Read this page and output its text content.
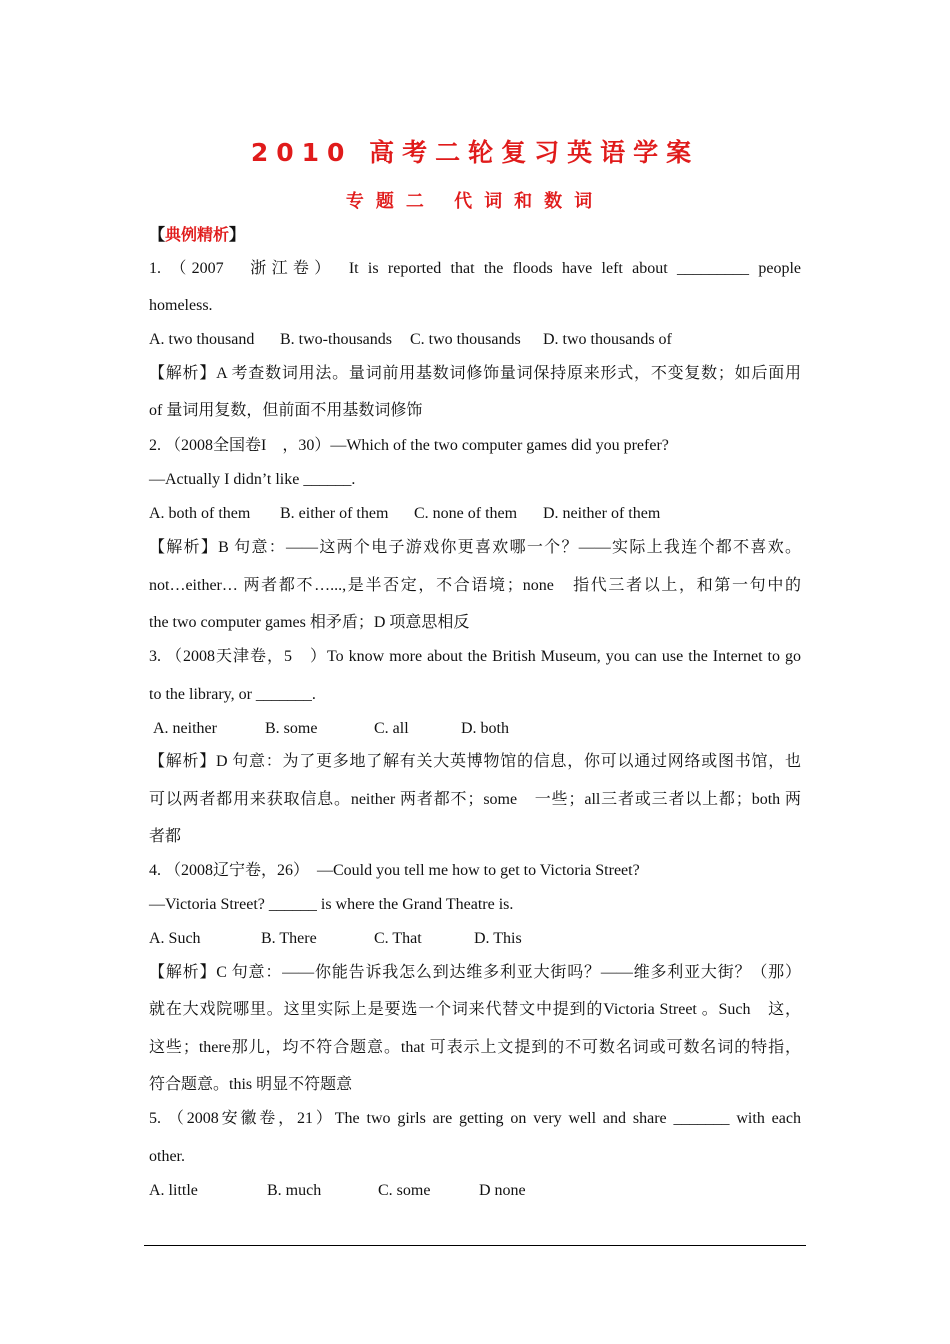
2010 高考二轮复习英语学案
专题二 代词和数词
【典例精析】
1. （2007　浙江卷）　It is reported that the floods have left about _________ people
homeless.
A. two thousand B. two-thousands C. two thousands D. two thousands of
【解析】A 考查数词用法。量词前用基数词修饰量词保持原来形式，不变复数；如后面用
of 量词用复数，但前面不用基数词修饰
2. （2008全国卷I　，30）—Which of the two computer games did you prefer?
—Actually I didn’t like ______.
A. both of them B. either of them C. none of them D. neither of them
【解析】B 句意：——这两个电子游戏你更喜欢哪一个？——实际上我连个都不喜欢。
not…either… 两者都不…...,是半否定，不合语境；none　指代三者以上，和第一句中的
the two computer games 相矛盾；D 项意思相反
3. （2008天津卷，5　）To know more about the British Museum, you can use the Internet to go
to the library, or _______.
A. neither	B. some	C. all	D. both
【解析】D 句意：为了更多地了解有关大英博物馆的信息，你可以通过网络或图书馆，也
可以两者都用来获取信息。neither 两者都不；some　一些；all三者或三者以上都；both 两
者都
4. （2008辽宁卷，26）　—Could you tell me how to get to Victoria Street?
—Victoria Street? ______ is where the Grand Theatre is.
A. Such	B. There	C. That	D. This
【解析】C 句意：——你能告诉我怎么到达维多利亚大街吗？——维多利亚大街？（那）
就在大戏院哪里。这里实际上是要选一个词来代替文中提到的Victoria Street 。Such　这，
这些；there那儿，均不符合题意。that 可表示上文提到的不可数名词或可数名词的特指，
符合题意。this 明显不符题意
5. （2008安徽卷，21）The two girls are getting on very well and share _______ with each
other.
A. little	B. much	C. some	D none
